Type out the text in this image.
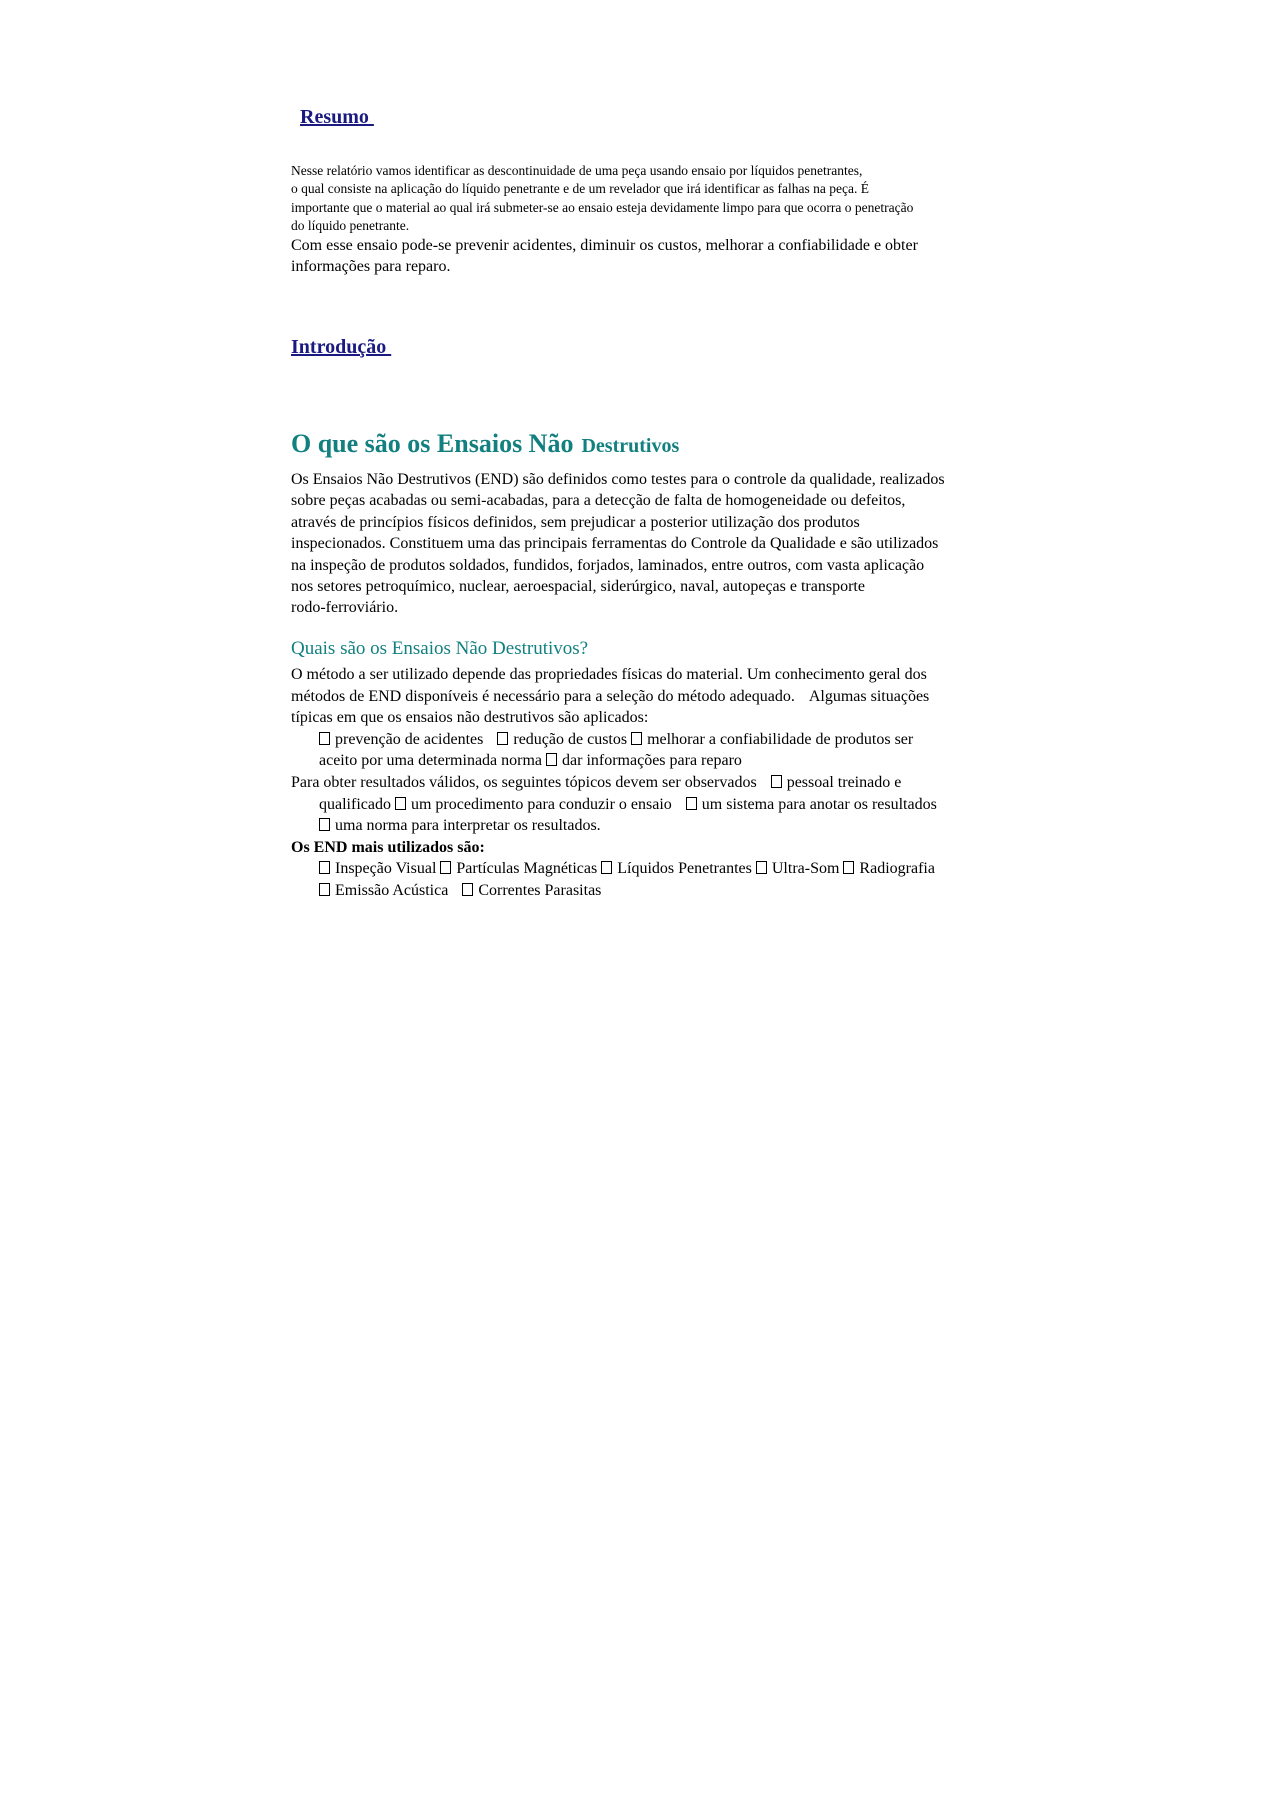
Resumo

Nesse relatório vamos identificar as descontinuidade de uma peça usando ensaio por líquidos penetrantes,
o qual consiste na aplicação do líquido penetrante e de um revelador que irá identificar as falhas na peça. É
importante que o material ao qual irá submeter-se ao ensaio esteja devidamente limpo para que ocorra o penetração
do líquido penetrante.

Com esse ensaio pode-se prevenir acidentes, diminuir os custos, melhorar a confiabilidade e obter
informações para reparo.

Introdução
O que são os Ensaios Não Destrutivos

Os Ensaios Não Destrutivos (END) são definidos como testes para o controle da qualidade, realizados
sobre peças acabadas ou semi-acabadas, para a detecção de falta de homogeneidade ou defeitos,
através de princípios físicos definidos, sem prejudicar a posterior utilização dos produtos
inspecionados. Constituem uma das principais ferramentas do Controle da Qualidade e são utilizados
na inspeção de produtos soldados, fundidos, forjados, laminados, entre outros, com vasta aplicação
nos setores petroquímico, nuclear, aeroespacial, siderúrgico, naval, autopeças e transporte
rodo-ferroviário.

Quais são os Ensaios Não Destrutivos?
O método a ser utilizado depende das propriedades físicas do material. Um conhecimento geral dos
métodos de END disponíveis é necessário para a seleção do método adequado. Algumas situações
típicas em que os ensaios não destrutivos são aplicados:
prevenção de acidentes redução de custos melhorar a confiabilidade de produtos ser
aceito por uma determinada norma dar informações para reparo
Para obter resultados válidos, os seguintes tópicos devem ser observados pessoal treinado e
qualificado um procedimento para conduzir o ensaio um sistema para anotar os resultados
uma norma para interpretar os resultados.
Os END mais utilizados são:
Inspeção Visual Partículas Magnéticas Líquidos Penetrantes Ultra-Som Radiografia
Emissão Acústica Correntes Parasitas
